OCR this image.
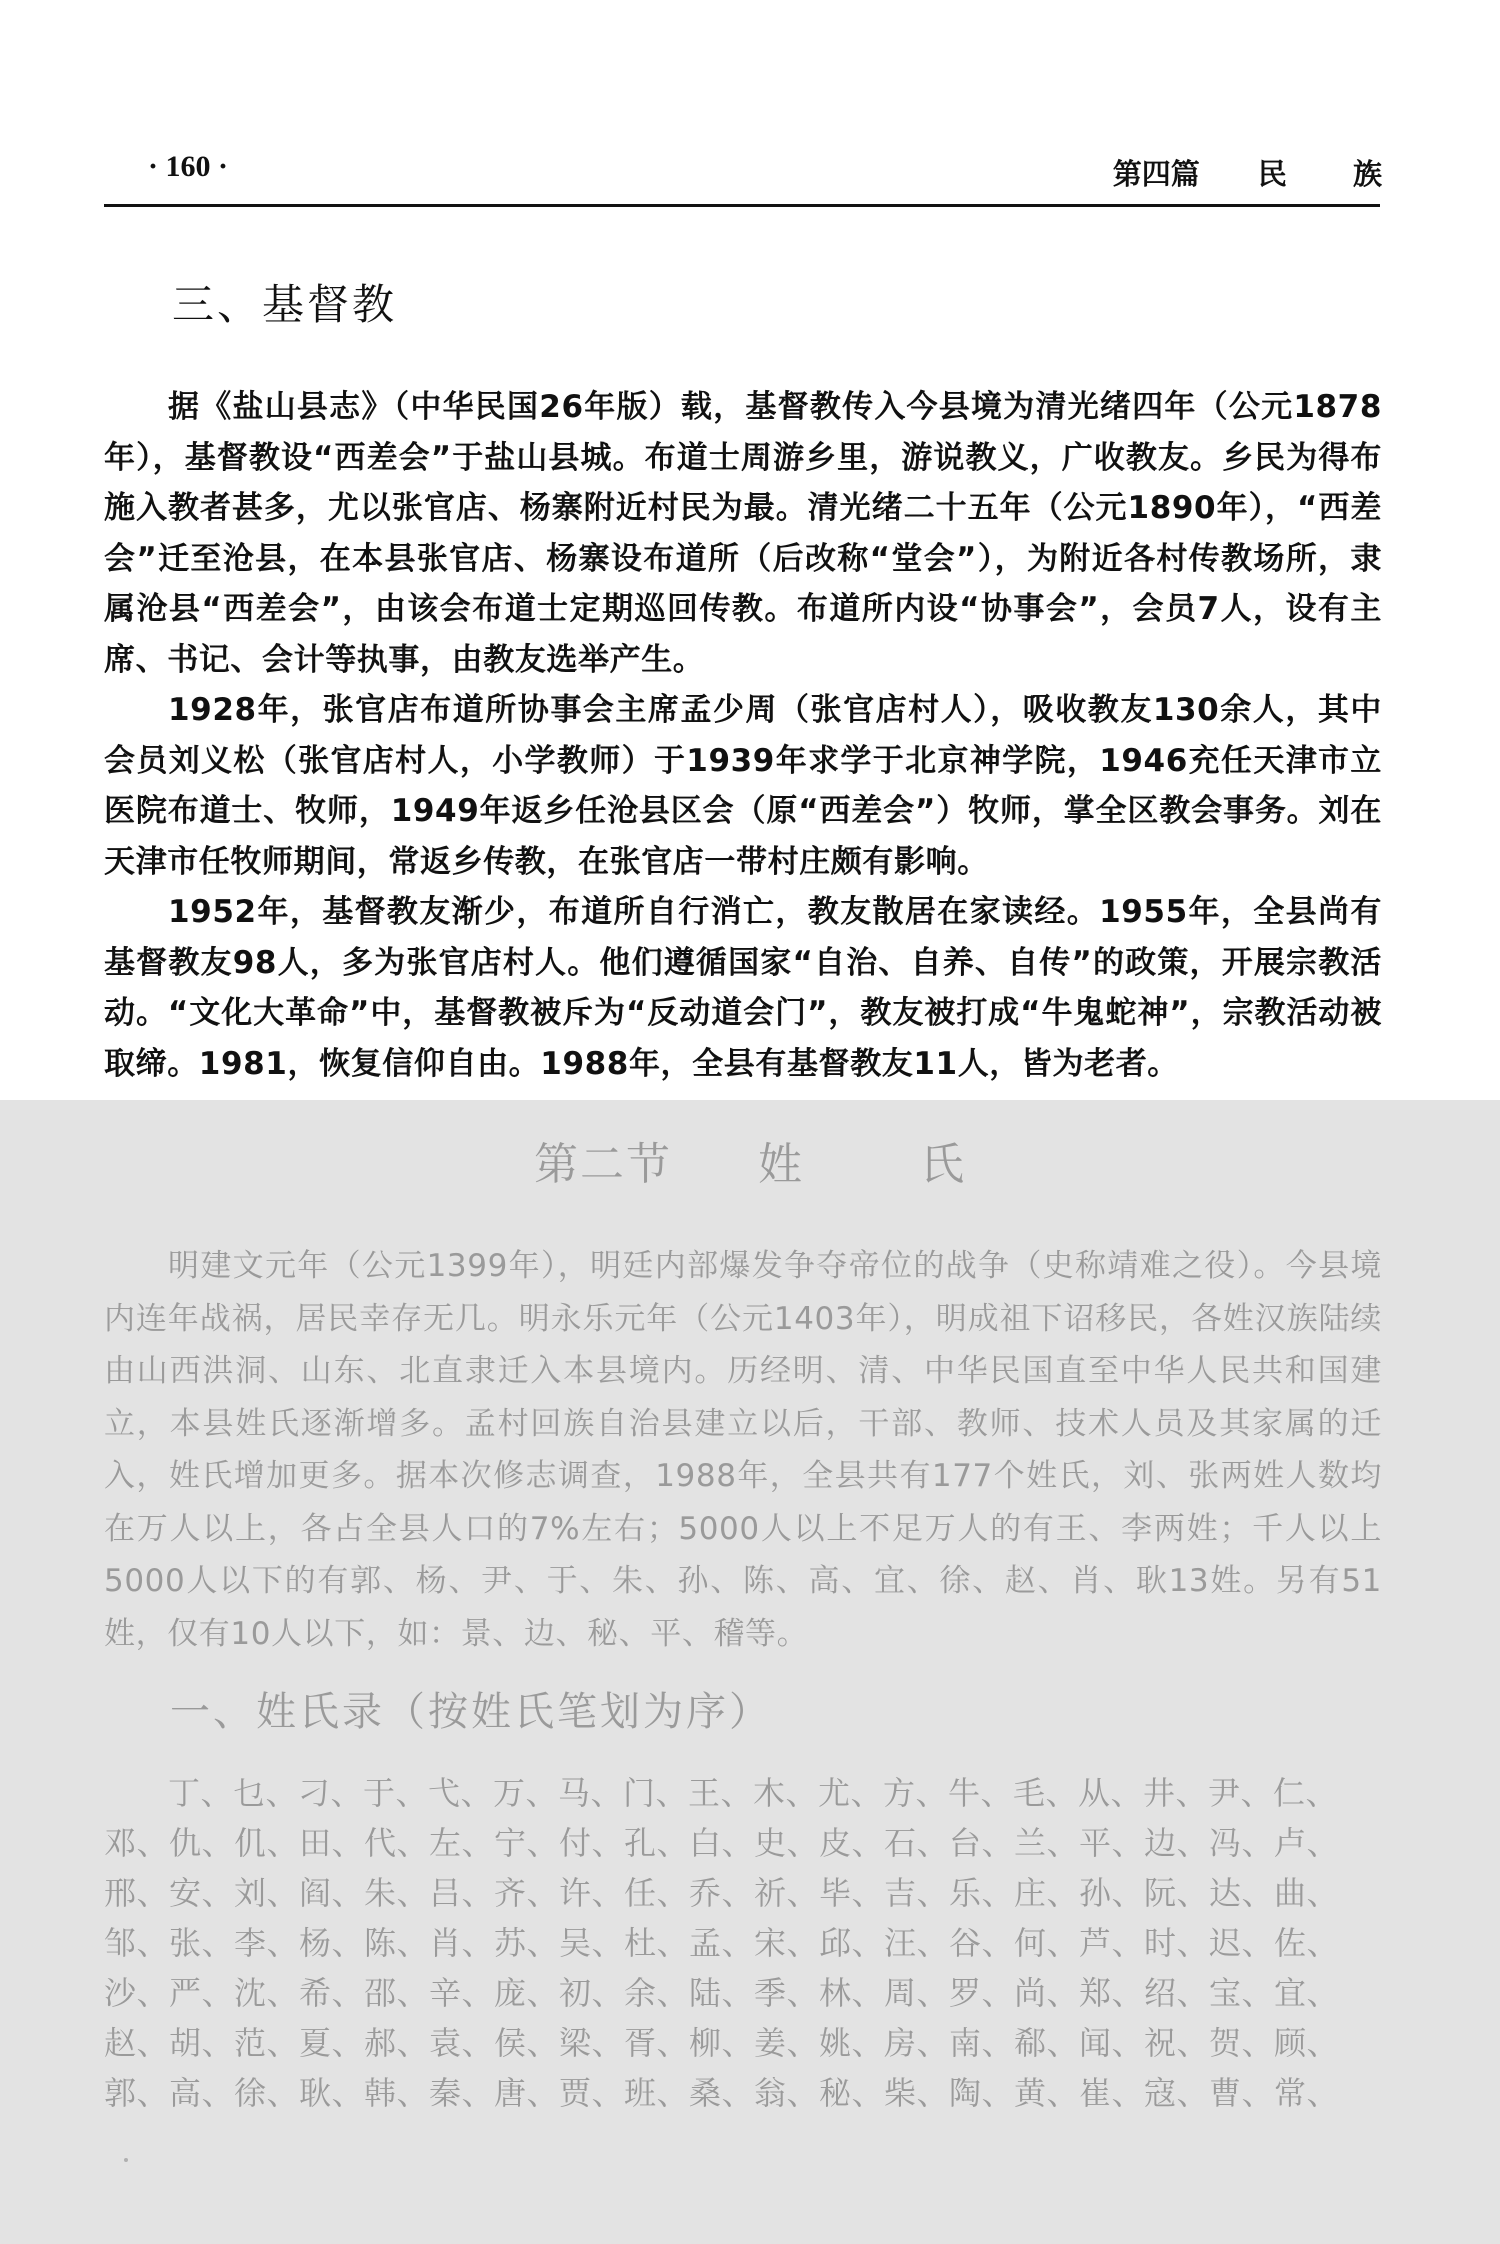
· 160 ·	第四篇 民 族
三、基督教

据《盐山县志》（中华民国26年版）载，基督教传入今县境为清光绪四年（公元1878年），基督教设“西差会”于盐山县城。布道士周游乡里，游说教义，广收教友。乡民为得布施入教者甚多，尤以张官店、杨寨附近村民为最。清光绪二十五年（公元1890年），“西差会”迁至沧县，在本县张官店、杨寨设布道所（后改称“堂会”），为附近各村传教场所，隶属沧县“西差会”，由该会布道士定期巡回传教。布道所内设“协事会”，会员7人，设有主席、书记、会计等执事，由教友选举产生。

1928年，张官店布道所协事会主席孟少周（张官店村人），吸收教友130余人，其中会员刘义松（张官店村人，小学教师）于1939年求学于北京神学院，1946充任天津市立医院布道士、牧师，1949年返乡任沧县区会（原“西差会”）牧师，掌全区教会事务。刘在天津市任牧师期间，常返乡传教，在张官店一带村庄颇有影响。

1952年，基督教友渐少，布道所自行消亡，教友散居在家读经。1955年，全县尚有基督教友98人，多为张官店村人。他们遵循国家“自治、自养、自传”的政策，开展宗教活动。“文化大革命”中，基督教被斥为“反动道会门”，教友被打成“牛鬼蛇神”，宗教活动被取缔。1981，恢复信仰自由。1988年，全县有基督教友11人，皆为老者。

第二节 姓	氏

明建文元年（公元1399年），明廷内部爆发争夺帝位的战争（史称靖难之役）。今县境内连年战祸，居民幸存无几。明永乐元年（公元1403年），明成祖下诏移民，各姓汉族陆续由山西洪洞、山东、北直隶迁入本县境内。历经明、清、中华民国直至中华人民共和国建立，本县姓氏逐渐增多。孟村回族自治县建立以后，干部、教师、技术人员及其家属的迁入，姓氏增加更多。据本次修志调查，1988年，全县共有177个姓氏，刘、张两姓人数均在万人以上，各占全县人口的7%左右；5000人以上不足万人的有王、李两姓；千人以上5000人以下的有郭、杨、尹、于、朱、孙、陈、高、宜、徐、赵、肖、耿13姓。另有51姓，仅有10人以下，如：景、边、秘、平、稽等。

一、姓氏录（按姓氏笔划为序）
丁、乜、刁、于、弋、万、马、门、王、木、尤、方、牛、毛、从、井、尹、仁、
邓、仇、仉、田、代、左、宁、付、孔、白、史、皮、石、台、兰、平、边、冯、卢、
邢、安、刘、阎、朱、吕、齐、许、任、乔、祈、毕、吉、乐、庄、孙、阮、达、曲、
邹、张、李、杨、陈、肖、苏、吴、杜、孟、宋、邱、汪、谷、何、芦、时、迟、佐、
沙、严、沈、希、邵、辛、庞、初、余、陆、季、林、周、罗、尚、郑、绍、宝、宜、
赵、胡、范、夏、郝、袁、侯、梁、胥、柳、姜、姚、房、南、郗、闻、祝、贺、顾、
郭、高、徐、耿、韩、秦、唐、贾、班、桑、翁、秘、柴、陶、黄、崔、寇、曹、常、
